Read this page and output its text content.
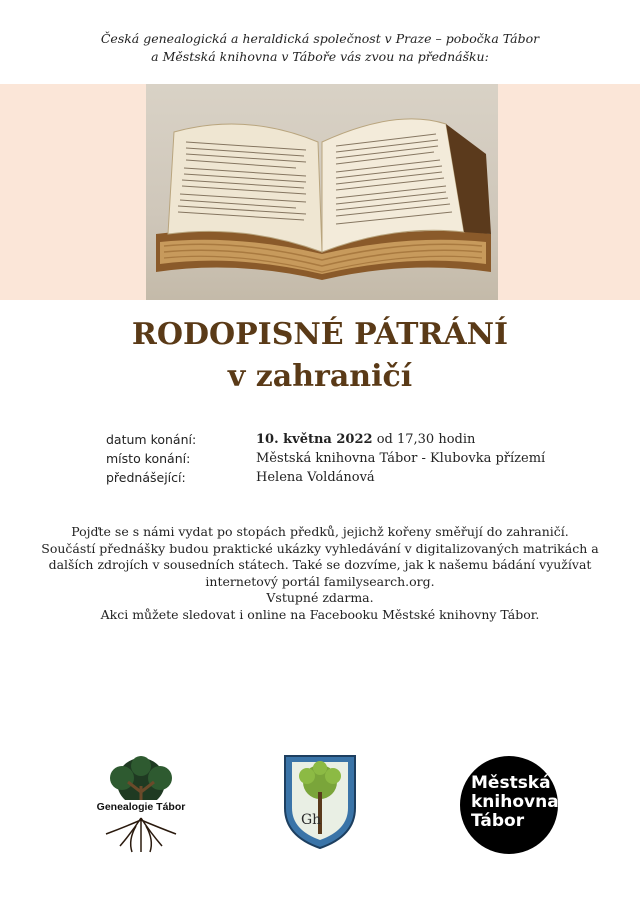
Česká genealogická a heraldická společnost v Praze – pobočka Tábor
a Městská knihovna v Táboře vás zvou na přednášku:
RODOPISNÉ PÁTRÁNÍ
v zahraničí
datum konání:	10. května 2022 od 17,30 hodin
místo konání:	Městská knihovna Tábor - Klubovka přízemí
přednášející:	Helena Voldánová
Pojďte se s námi vydat po stopách předků, jejichž kořeny směřují do zahraničí.
Součástí přednášky budou praktické ukázky vyhledávání v digitalizovaných matrikách a
dalších zdrojích v sousedních státech. Také se dozvíme, jak k našemu bádání využívat
internetový portál familysearch.org.
Vstupné zdarma.
Akci můžete sledovat i online na Facebooku Městské knihovny Tábor.
Genealogie Tábor
Gh
Městská
knihovna
Tábor
